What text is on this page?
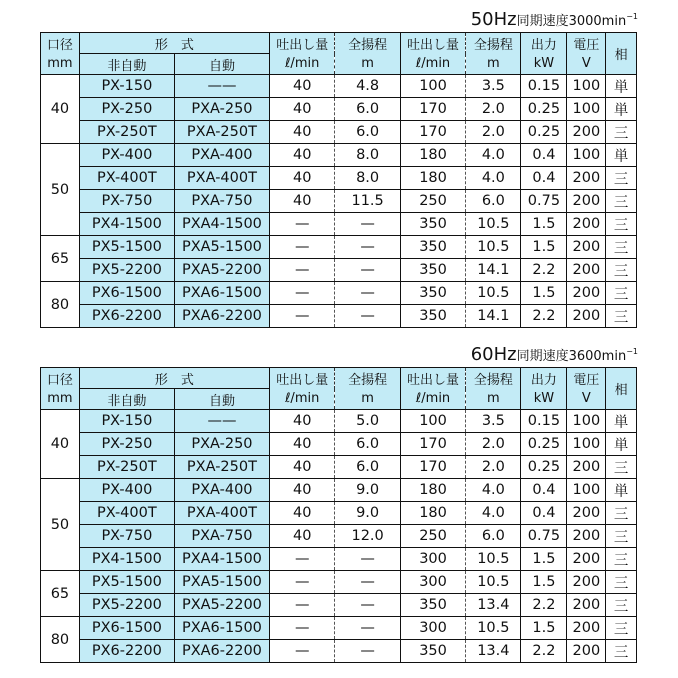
50Hz同期速度$3000\min^{-1}$
口径	形　式		吐出し量	全揚程	吐出し量	全揚程	出力	電圧	相
mm	非自動	自動	ℓ/min	m	ℓ/min	m	kW	V	
40	PX-150	——	40	4.8	100	3.5	0.15	100	単
	PX-250	PXA-250	40	6.0	170	2.0	0.25	100	単
	PX-250T	PXA-250T	40	6.0	170	2.0	0.25	200	三
50	PX-400	PXA-400	40	8.0	180	4.0	0.4	100	単
	PX-400T	PXA-400T	40	8.0	180	4.0	0.4	200	三
	PX-750	PXA-750	40	11.5	250	6.0	0.75	200	三
	PX4-1500	PXA4-1500	—	—	350	10.5	1.5	200	三
65	PX5-1500	PXA5-1500	—	—	350	10.5	1.5	200	三
	PX5-2200	PXA5-2200	—	—	350	14.1	2.2	200	三
80	PX6-1500	PXA6-1500	—	—	350	10.5	1.5	200	三
	PX6-2200	PXA6-2200	—	—	350	14.1	2.2	200	三
60Hz同期速度$3600\min^{-1}$
口径	形　式		吐出し量	全揚程	吐出し量	全揚程	出力	電圧	相
mm	非自動	自動	ℓ/min	m	ℓ/min	m	kW	V	
40	PX-150	——	40	5.0	100	3.5	0.15	100	単
	PX-250	PXA-250	40	6.0	170	2.0	0.25	100	単
	PX-250T	PXA-250T	40	6.0	170	2.0	0.25	200	三
50	PX-400	PXA-400	40	9.0	180	4.0	0.4	100	単
	PX-400T	PXA-400T	40	9.0	180	4.0	0.4	200	三
	PX-750	PXA-750	40	12.0	250	6.0	0.75	200	三
	PX4-1500	PXA4-1500	—	—	300	10.5	1.5	200	三
65	PX5-1500	PXA5-1500	—	—	300	10.5	1.5	200	三
	PX5-2200	PXA5-2200	—	—	350	13.4	2.2	200	三
80	PX6-1500	PXA6-1500	—	—	300	10.5	1.5	200	三
	PX6-2200	PXA6-2200	—	—	350	13.4	2.2	200	三
